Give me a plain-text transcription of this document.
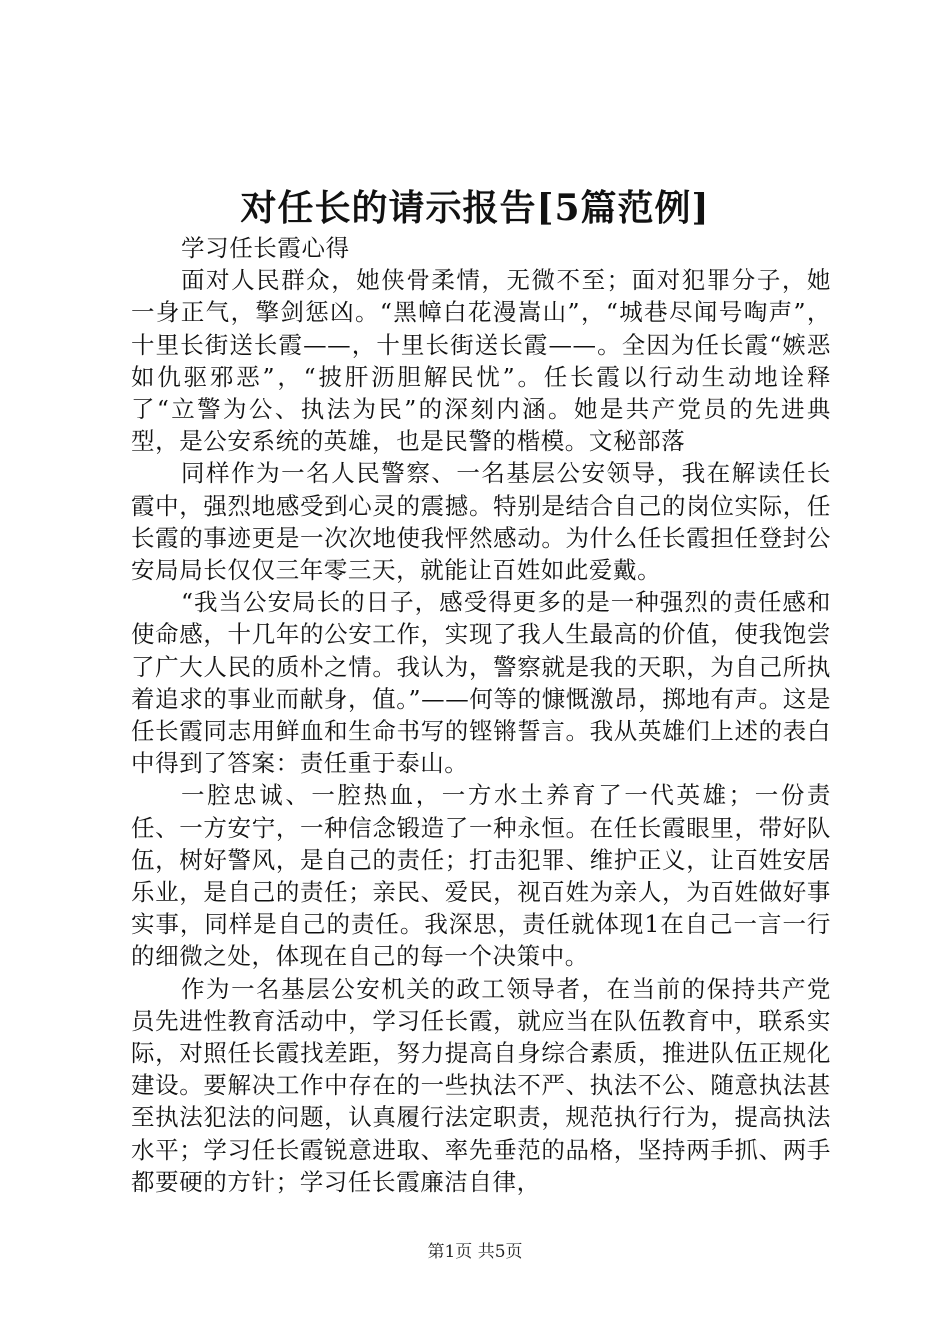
对任长的请示报告[5篇范例]

学习任长霞心得

面对人民群众，她侠骨柔情，无微不至；面对犯罪分子，她一身正气，擎剑惩凶。“黑幛白花漫嵩山”，“城巷尽闻号啕声”，十里长街送长霞——，十里长街送长霞——。全因为任长霞“嫉恶如仇驱邪恶”，“披肝沥胆解民忧”。任长霞以行动生动地诠释了“立警为公、执法为民”的深刻内涵。她是共产党员的先进典型，是公安系统的英雄，也是民警的楷模。文秘部落

同样作为一名人民警察、一名基层公安领导，我在解读任长霞中，强烈地感受到心灵的震撼。特别是结合自己的岗位实际，任长霞的事迹更是一次次地使我怦然感动。为什么任长霞担任登封公安局局长仅仅三年零三天，就能让百姓如此爱戴。

“我当公安局长的日子，感受得更多的是一种强烈的责任感和使命感，十几年的公安工作，实现了我人生最高的价值，使我饱尝了广大人民的质朴之情。我认为，警察就是我的天职，为自己所执着追求的事业而献身，值。”——何等的慷慨激昂，掷地有声。这是任长霞同志用鲜血和生命书写的铿锵誓言。我从英雄们上述的表白中得到了答案：责任重于泰山。

一腔忠诚、一腔热血，一方水土养育了一代英雄；一份责任、一方安宁，一种信念锻造了一种永恒。在任长霞眼里，带好队伍，树好警风，是自己的责任；打击犯罪、维护正义，让百姓安居乐业，是自己的责任；亲民、爱民，视百姓为亲人，为百姓做好事实事，同样是自己的责任。我深思，责任就体现1在自己一言一行的细微之处，体现在自己的每一个决策中。

作为一名基层公安机关的政工领导者，在当前的保持共产党员先进性教育活动中，学习任长霞，就应当在队伍教育中，联系实际，对照任长霞找差距，努力提高自身综合素质，推进队伍正规化建设。要解决工作中存在的一些执法不严、执法不公、随意执法甚至执法犯法的问题，认真履行法定职责，规范执行行为，提高执法水平；学习任长霞锐意进取、率先垂范的品格，坚持两手抓、两手都要硬的方针；学习任长霞廉洁自律，

第1页 共5页
